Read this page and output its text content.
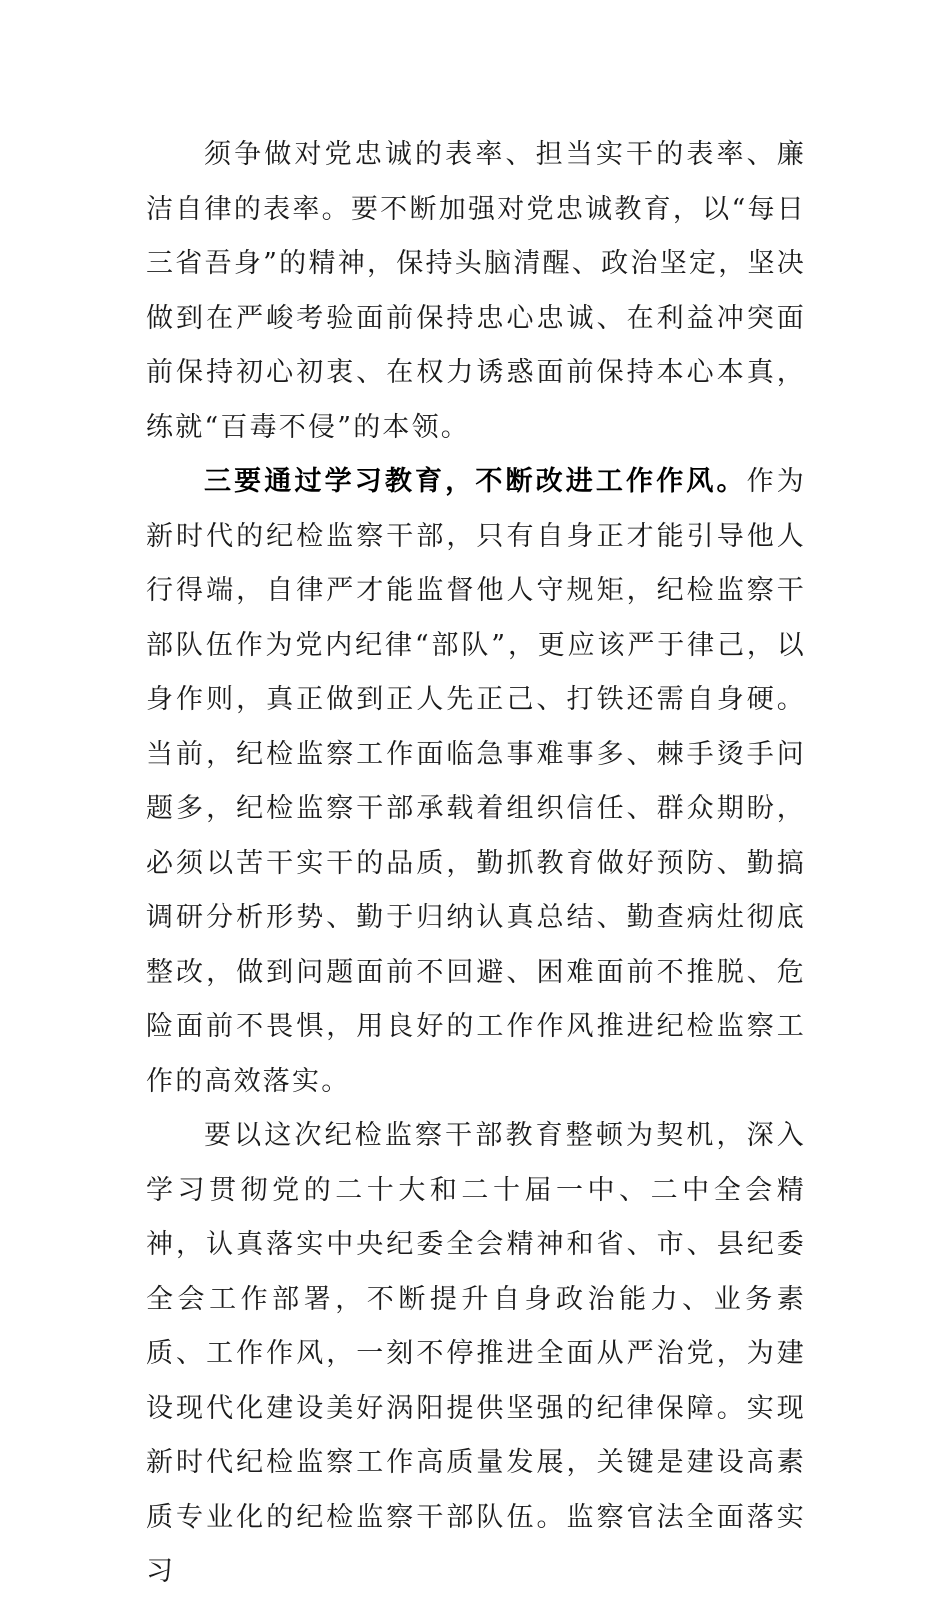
须争做对党忠诚的表率、担当实干的表率、廉洁自律的表率。要不断加强对党忠诚教育，以“每日三省吾身”的精神，保持头脑清醒、政治坚定，坚决做到在严峻考验面前保持忠心忠诚、在利益冲突面前保持初心初衷、在权力诱惑面前保持本心本真，练就“百毒不侵”的本领。

三要通过学习教育，不断改进工作作风。作为新时代的纪检监察干部，只有自身正才能引导他人行得端，自律严才能监督他人守规矩，纪检监察干部队伍作为党内纪律“部队”，更应该严于律己，以身作则，真正做到正人先正己、打铁还需自身硬。当前，纪检监察工作面临急事难事多、棘手烫手问题多，纪检监察干部承载着组织信任、群众期盼，必须以苦干实干的品质，勤抓教育做好预防、勤搞调研分析形势、勤于归纳认真总结、勤查病灶彻底整改，做到问题面前不回避、困难面前不推脱、危险面前不畏惧，用良好的工作作风推进纪检监察工作的高效落实。

要以这次纪检监察干部教育整顿为契机，深入学习贯彻党的二十大和二十届一中、二中全会精神，认真落实中央纪委全会精神和省、市、县纪委全会工作部署，不断提升自身政治能力、业务素质、工作作风，一刻不停推进全面从严治党，为建设现代化建设美好涡阳提供坚强的纪律保障。实现新时代纪检监察工作高质量发展，关键是建设高素质专业化的纪检监察干部队伍。监察官法全面落实习
